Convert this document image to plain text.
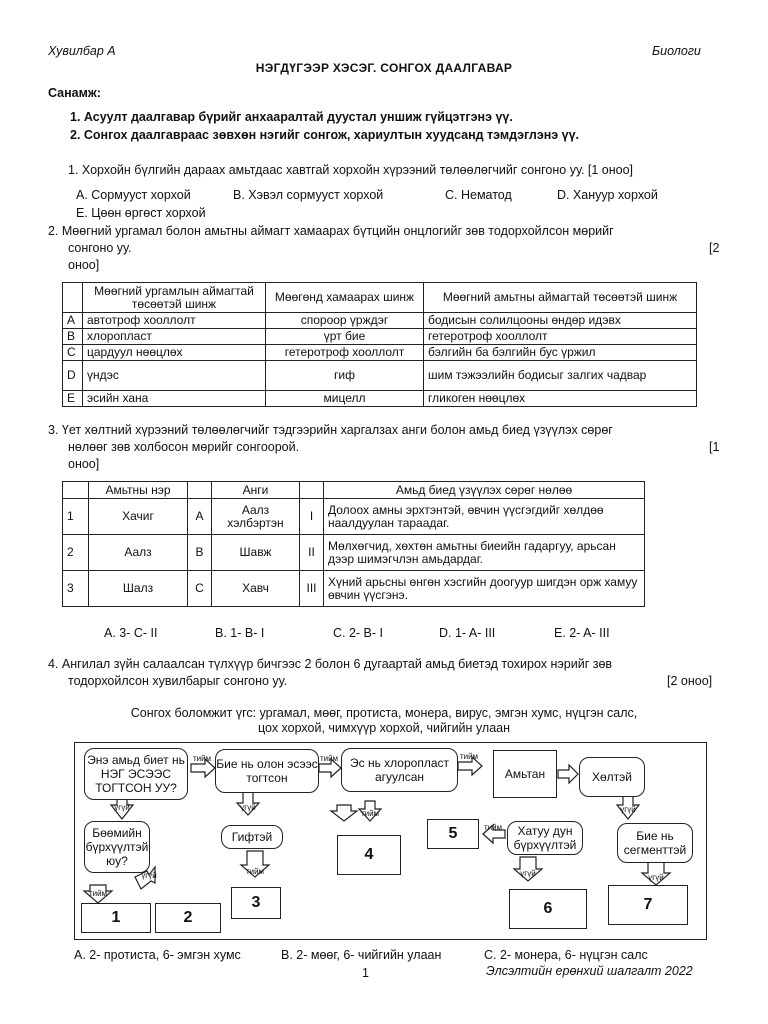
Хувилбар А	Биологи
НЭГДҮГЭЭР ХЭСЭГ. СОНГОХ ДААЛГАВАР
Санамж:
1. Асуулт даалгавар бүрийг анхааралтай дуустал уншиж гүйцэтгэнэ үү.
2. Сонгох даалгавраас зөвхөн нэгийг сонгож, хариултын хуудсанд тэмдэглэнэ үү.
1. Хорхойн бүлгийн дараах амьтдаас хавтгай хорхойн хүрээний төлөөлөгчийг сонгоно уу. [1 оноо]
A. Сормууст хорхой	B. Хэвэл сормууст хорхой	C. Нематод	D. Хануур хорхой
E. Цөөн өргөст хорхой
2. Мөөгний ургамал болон амьтны аймагт хамаарах бүтцийн онцлогийг зөв тодорхойлсон мөрийг
сонгоно уу.	[2
оноо]
	Мөөгний ургамлын аймагтай төсөөтэй шинж	Мөөгөнд хамаарах шинж	Мөөгний амьтны аймагтай төсөөтэй шинж
A	автотроф хооллолт	спороор үрждэг	бодисын солилцооны өндөр идэвх
B	хлоропласт	үрт бие	гетеротроф хооллолт
C	цардуул нөөцлөх	гетеротроф хооллолт	бэлгийн ба бэлгийн бус үржил
D	үндэс	гиф	шим тэжээлийн бодисыг залгих чадвар
E	эсийн хана	мицелл	гликоген нөөцлөх
3. Үет хөлтний хүрээний төлөөлөгчийг тэдгээрийн харгалзах анги болон амьд биед үзүүлэх сөрөг
нөлөөг зөв холбосон мөрийг сонгоорой.	[1
оноо]
	Амьтны нэр		Анги		Амьд биед үзүүлэх сөрөг нөлөө
1	Хачиг	A	Аалз хэлбэртэн	I	Долоох амны эрхтэнтэй, өвчин үүсгэгдийг хөлдөө наалдуулан тараадаг.
2	Аалз	B	Шавж	II	Мөлхөгчид, хөхтөн амьтны биеийн гадаргуу, арьсан дээр шимэгчлэн амьдардаг.
3	Шалз	C	Хавч	III	Хүний арьсны өнгөн хэсгийн доогуур шигдэн орж хамуу өвчин үүсгэнэ.
A. 3- C- II	B. 1- B- I	C. 2- B- I	D. 1- A- III	E. 2- A- III
4. Ангилал зүйн салаалсан түлхүүр бичгээс 2 болон 6 дугаартай амьд биетэд тохирох нэрийг зөв
тодорхойлсон хувилбарыг сонгоно уу.	[2 оноо]
Сонгох боломжит үгс: ургамал, мөөг, протиста, монера, вирус, эмгэн хумс, нүцгэн салс,
цох хорхой, чимхүүр хорхой, чийгийн улаан
Энэ амьд биет нь НЭГ ЭСЭЭС ТОГТСОН УУ?
Бие нь олон эсээс тогтсон
Эс нь хлоропласт агуулсан	Амьтан	Хөлтэй
Бөөмийн бүрхүүлтэй юу?
Гифтэй	Хатуу дун бүрхүүлтэй
Бие нь сегменттэй
1	2
3
4
5
6	7
тийм	тийм	тийм
үгүй	үгүй
тийм	үгүй
тийм
үгүй	тийм
тийм
үгүй	үгүй
A. 2- протиста, 6- эмгэн хумс	B. 2- мөөг, 6- чийгийн улаан	C. 2- монера, 6- нүцгэн салс
1	Элсэлтийн ерөнхий шалгалт 2022
